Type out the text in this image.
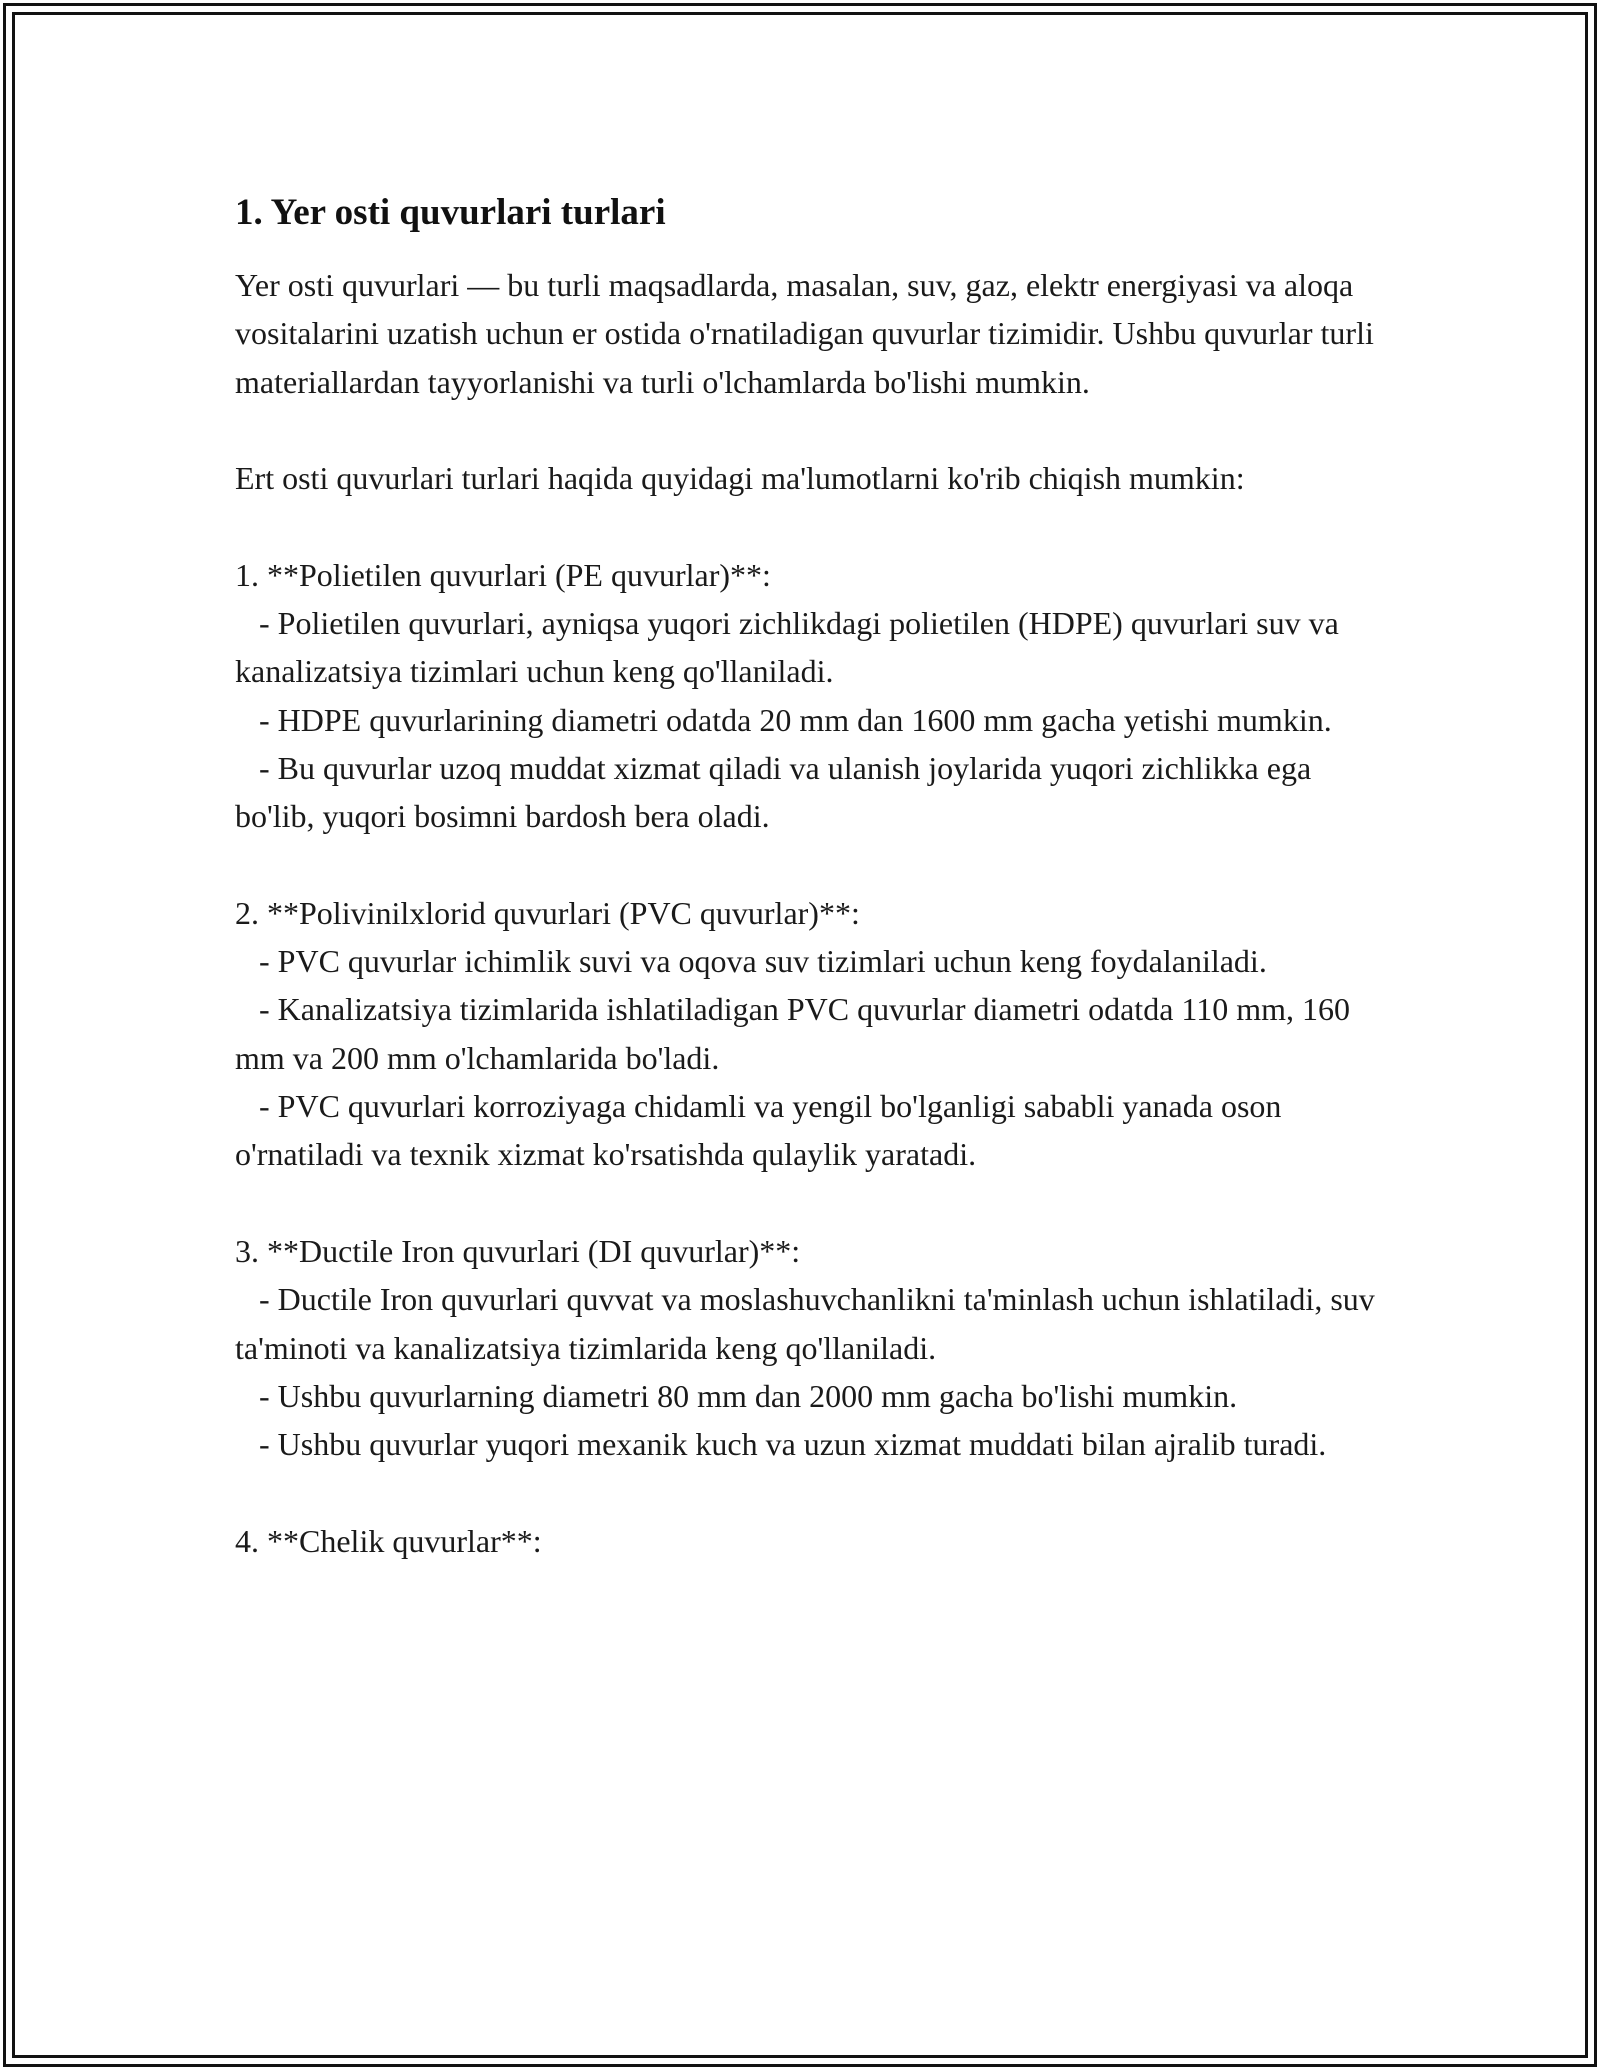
1. Yer osti quvurlari turlari

Yer osti quvurlari — bu turli maqsadlarda, masalan, suv, gaz, elektr energiyasi va aloqa vositalarini uzatish uchun er ostida o'rnatiladigan quvurlar tizimidir. Ushbu quvurlar turli materiallardan tayyorlanishi va turli o'lchamlarda bo'lishi mumkin.

Ert osti quvurlari turlari haqida quyidagi ma'lumotlarni ko'rib chiqish mumkin:

1. **Polietilen quvurlari (PE quvurlar)**:

- Polietilen quvurlari, ayniqsa yuqori zichlikdagi polietilen (HDPE) quvurlari suv va kanalizatsiya tizimlari uchun keng qo'llaniladi.

- HDPE quvurlarining diametri odatda 20 mm dan 1600 mm gacha yetishi mumkin.

- Bu quvurlar uzoq muddat xizmat qiladi va ulanish joylarida yuqori zichlikka ega bo'lib, yuqori bosimni bardosh bera oladi.

2. **Polivinilxlorid quvurlari (PVC quvurlar)**:

- PVC quvurlar ichimlik suvi va oqova suv tizimlari uchun keng foydalaniladi.

- Kanalizatsiya tizimlarida ishlatiladigan PVC quvurlar diametri odatda 110 mm, 160 mm va 200 mm o'lchamlarida bo'ladi.

- PVC quvurlari korroziyaga chidamli va yengil bo'lganligi sababli yanada oson o'rnatiladi va texnik xizmat ko'rsatishda qulaylik yaratadi.

3. **Ductile Iron quvurlari (DI quvurlar)**:

- Ductile Iron quvurlari quvvat va moslashuvchanlikni ta'minlash uchun ishlatiladi, suv ta'minoti va kanalizatsiya tizimlarida keng qo'llaniladi.

- Ushbu quvurlarning diametri 80 mm dan 2000 mm gacha bo'lishi mumkin.

- Ushbu quvurlar yuqori mexanik kuch va uzun xizmat muddati bilan ajralib turadi.

4. **Chelik quvurlar**:
